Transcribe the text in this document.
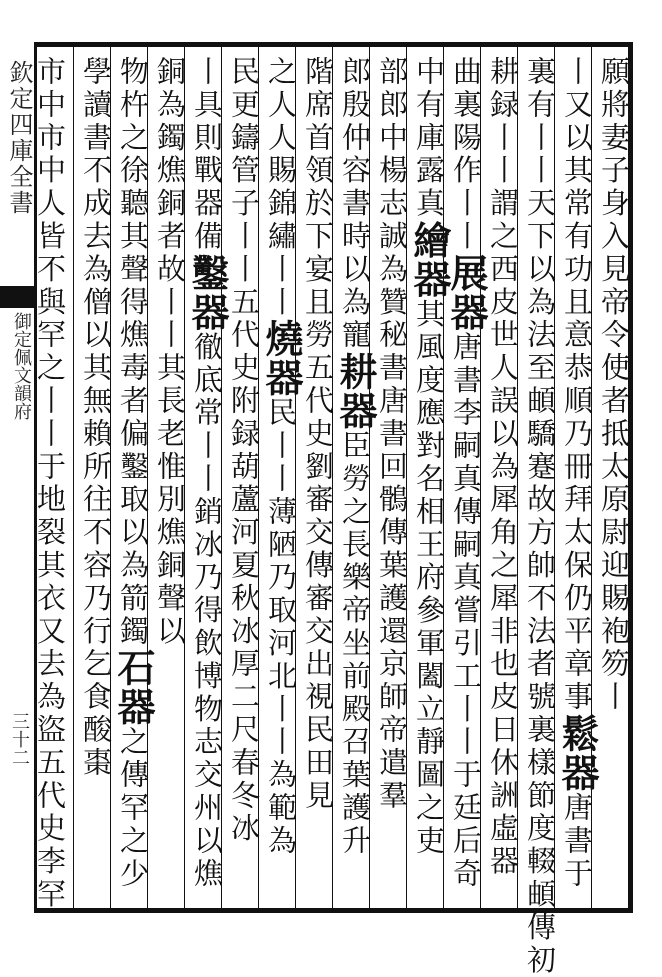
欽定四庫全書
御定佩文韻府
三十二
願將妻子身入見帝令使者抵太原尉迎賜袍笏丨
丨又以其常有功且意恭順乃冊拜太保仍平章事鬆器唐書于
裏有丨丨天下以為法至頔驕蹇故方帥不法者號裏樣節度輟頔傳初
耕録丨丨謂之西皮世人誤以為犀角之犀非也皮日休詶虛器
曲裏陽作丨丨展器唐書李嗣真傳嗣真嘗引工丨丨于廷后奇
中有庫露真繪器其風度應對名相王府參軍闔立靜圖之吏
部郎中楊志誠為贊秘書唐書回鶻傳葉護還京師帝遣羣
郎殷仲容書時以為寵耕器臣勞之長樂帝坐前殿召葉護升
階席首領於下宴且勞五代史劉審交傳審交出視民田見
之人人賜錦繡丨丨燒器民丨丨薄陋乃取河北丨丨為範為
民更鑄管子丨丨五代史附録葫蘆河夏秋冰厚二尺春冬冰
丨具則戰器備鑿器徹底常丨丨銷冰乃得飲博物志交州以燋
銅為鐲燋銅者故丨丨其長老惟別燋銅聲以
物杵之徐聽其聲得燋毒者偏鑿取以為箭鐲石器之傳罕之少
學讀書不成去為僧以其無賴所往不容乃行乞食酸棗
市中市中人皆不與罕之丨丨于地裂其衣又去為盜五代史李罕
